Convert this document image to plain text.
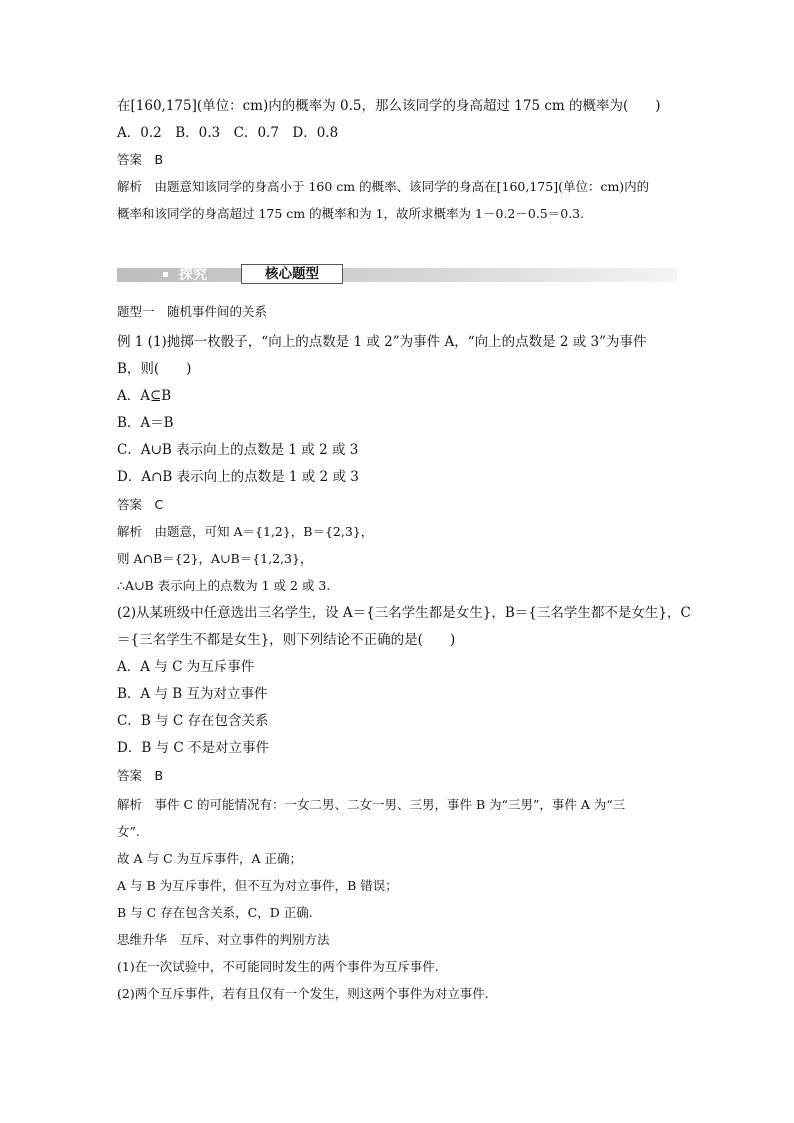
在[160,175](单位：cm)内的概率为 0.5，那么该同学的身高超过 175 cm 的概率为(　　)
A．0.2　B．0.3　C．0.7　D．0.8
答案　B
解析　由题意知该同学的身高小于 160 cm 的概率、该同学的身高在[160,175](单位：cm)内的
概率和该同学的身高超过 175 cm 的概率和为 1，故所求概率为 1－0.2－0.5＝0.3.
探究	核心题型
题型一　随机事件间的关系
例 1 (1)抛掷一枚骰子，“向上的点数是 1 或 2”为事件 A，“向上的点数是 2 或 3”为事件
B，则(　　)
A．A⊆B
B．A＝B
C．A∪B 表示向上的点数是 1 或 2 或 3
D．A∩B 表示向上的点数是 1 或 2 或 3
答案　C
解析　由题意，可知 A＝{1,2}，B＝{2,3}，
则 A∩B＝{2}，A∪B＝{1,2,3}，
∴A∪B 表示向上的点数为 1 或 2 或 3.
(2)从某班级中任意选出三名学生，设 A＝{三名学生都是女生}，B＝{三名学生都不是女生}，C
＝{三名学生不都是女生}，则下列结论不正确的是(　　)
A．A 与 C 为互斥事件
B．A 与 B 互为对立事件
C．B 与 C 存在包含关系
D．B 与 C 不是对立事件
答案　B
解析　事件 C 的可能情况有：一女二男、二女一男、三男，事件 B 为“三男”，事件 A 为“三
女”.
故 A 与 C 为互斥事件，A 正确；
A 与 B 为互斥事件，但不互为对立事件，B 错误；
B 与 C 存在包含关系，C，D 正确.
思维升华　互斥、对立事件的判别方法
(1)在一次试验中，不可能同时发生的两个事件为互斥事件.
(2)两个互斥事件，若有且仅有一个发生，则这两个事件为对立事件.
